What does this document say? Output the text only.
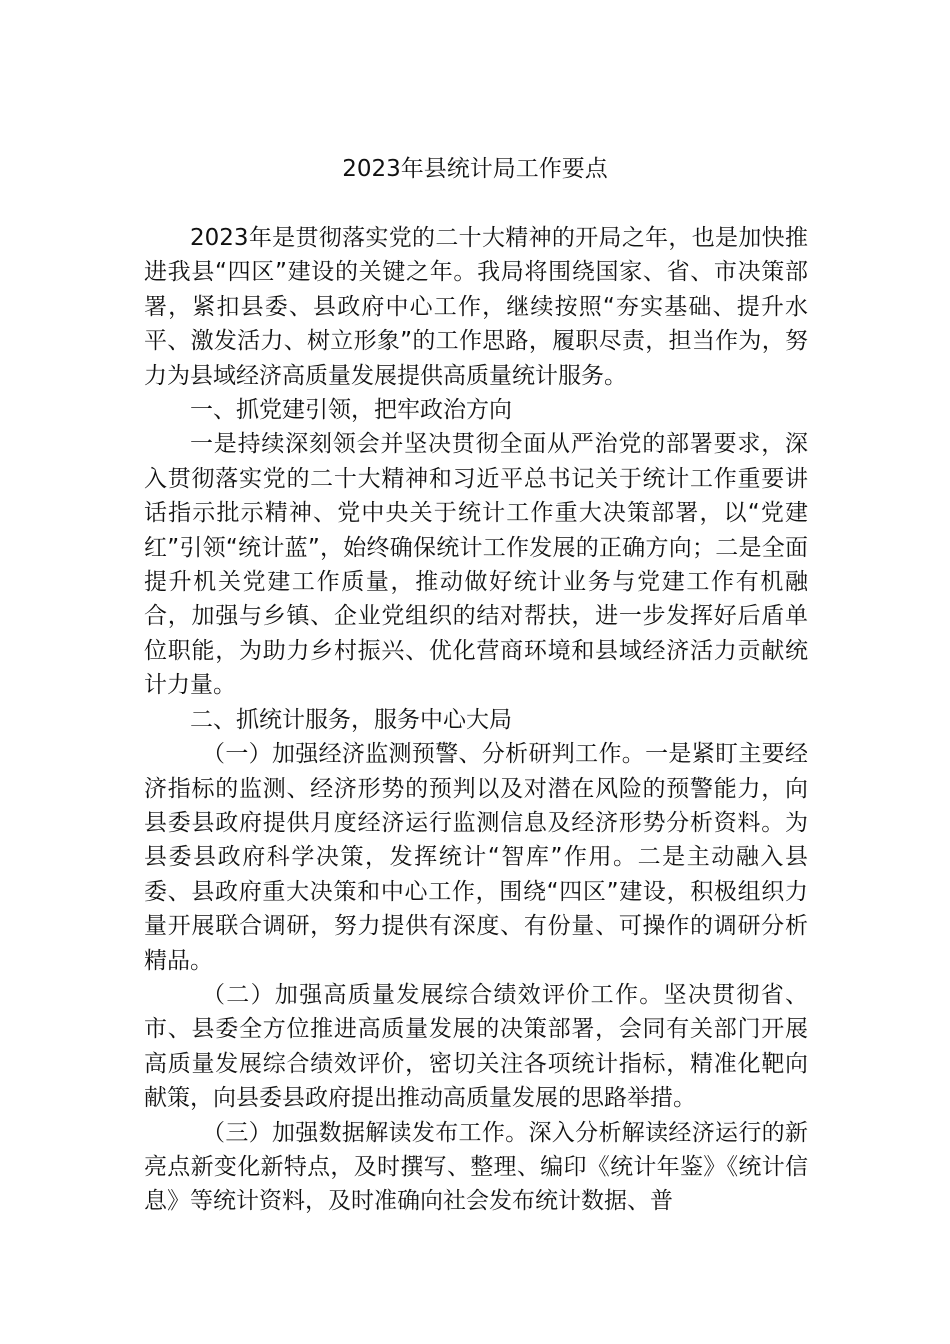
2023年县统计局工作要点

2023年是贯彻落实党的二十大精神的开局之年，也是加快推进我县“四区”建设的关键之年。我局将围绕国家、省、市决策部署，紧扣县委、县政府中心工作，继续按照“夯实基础、提升水平、激发活力、树立形象”的工作思路，履职尽责，担当作为，努力为县域经济高质量发展提供高质量统计服务。

一、抓党建引领，把牢政治方向

一是持续深刻领会并坚决贯彻全面从严治党的部署要求，深入贯彻落实党的二十大精神和习近平总书记关于统计工作重要讲话指示批示精神、党中央关于统计工作重大决策部署，以“党建红”引领“统计蓝”，始终确保统计工作发展的正确方向；二是全面提升机关党建工作质量，推动做好统计业务与党建工作有机融合，加强与乡镇、企业党组织的结对帮扶，进一步发挥好后盾单位职能，为助力乡村振兴、优化营商环境和县域经济活力贡献统计力量。

二、抓统计服务，服务中心大局

（一）加强经济监测预警、分析研判工作。一是紧盯主要经济指标的监测、经济形势的预判以及对潜在风险的预警能力，向县委县政府提供月度经济运行监测信息及经济形势分析资料。为县委县政府科学决策，发挥统计“智库”作用。二是主动融入县委、县政府重大决策和中心工作，围绕“四区”建设，积极组织力量开展联合调研，努力提供有深度、有份量、可操作的调研分析精品。

（二）加强高质量发展综合绩效评价工作。坚决贯彻省、市、县委全方位推进高质量发展的决策部署，会同有关部门开展高质量发展综合绩效评价，密切关注各项统计指标，精准化靶向献策，向县委县政府提出推动高质量发展的思路举措。

（三）加强数据解读发布工作。深入分析解读经济运行的新亮点新变化新特点，及时撰写、整理、编印《统计年鉴》《统计信息》等统计资料，及时准确向社会发布统计数据、普
